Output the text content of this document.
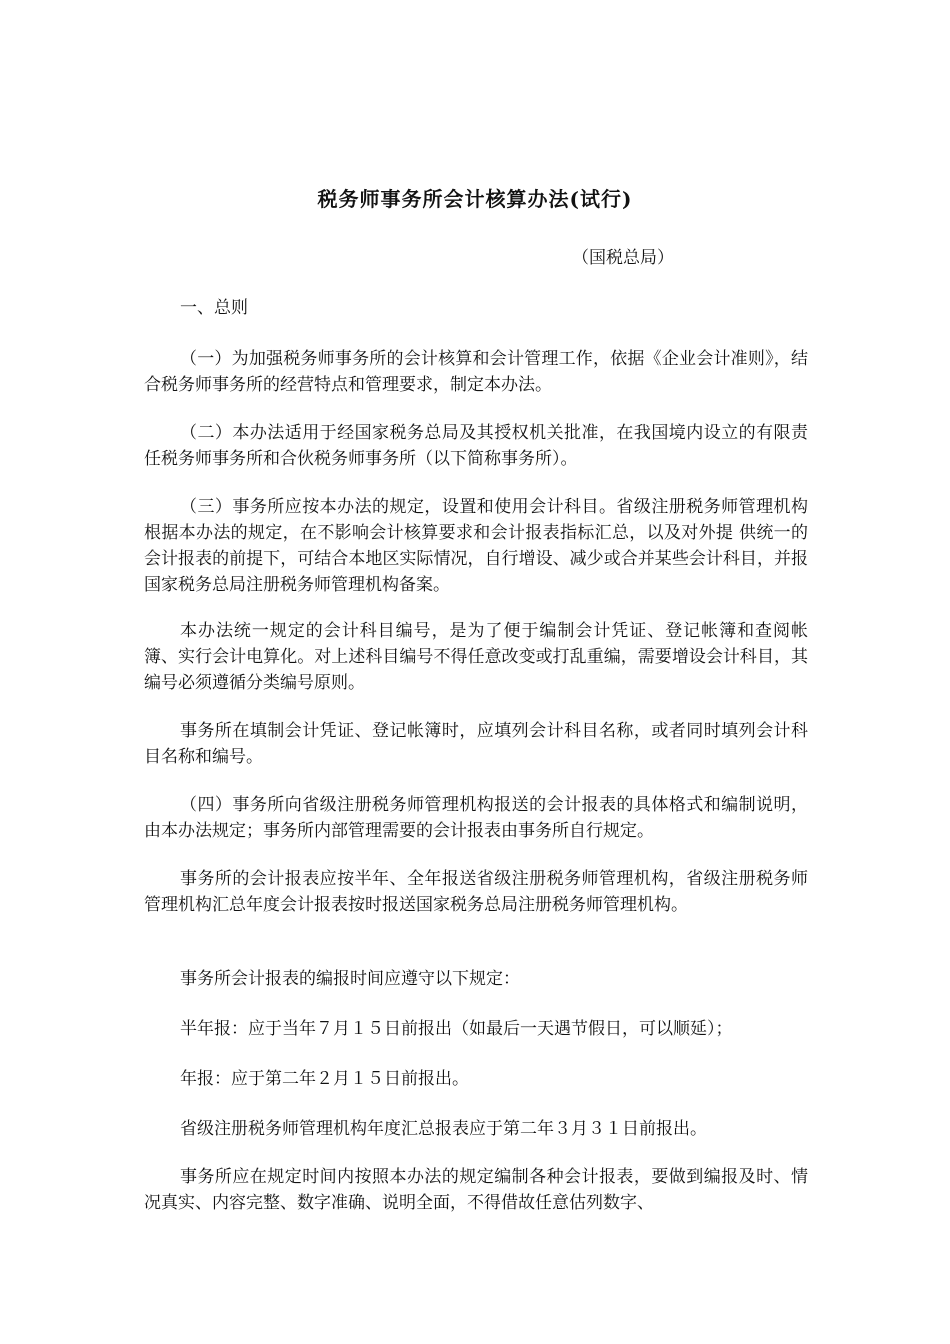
税务师事务所会计核算办法(试行)

（国税总局）

一、总则

（一）为加强税务师事务所的会计核算和会计管理工作，依据《企业会计准则》，结合税务师事务所的经营特点和管理要求，制定本办法。

（二）本办法适用于经国家税务总局及其授权机关批准，在我国境内设立的有限责任税务师事务所和合伙税务师事务所（以下简称事务所）。

（三）事务所应按本办法的规定，设置和使用会计科目。省级注册税务师管理机构根据本办法的规定，在不影响会计核算要求和会计报表指标汇总，以及对外提 供统一的会计报表的前提下，可结合本地区实际情况，自行增设、减少或合并某些会计科目，并报国家税务总局注册税务师管理机构备案。

本办法统一规定的会计科目编号，是为了便于编制会计凭证、登记帐簿和查阅帐簿、实行会计电算化。对上述科目编号不得任意改变或打乱重编，需要增设会计科目，其编号必须遵循分类编号原则。

事务所在填制会计凭证、登记帐簿时，应填列会计科目名称，或者同时填列会计科目名称和编号。

（四）事务所向省级注册税务师管理机构报送的会计报表的具体格式和编制说明，由本办法规定；事务所内部管理需要的会计报表由事务所自行规定。

事务所的会计报表应按半年、全年报送省级注册税务师管理机构，省级注册税务师管理机构汇总年度会计报表按时报送国家税务总局注册税务师管理机构。

事务所会计报表的编报时间应遵守以下规定：

半年报：应于当年７月１５日前报出（如最后一天遇节假日，可以顺延）；

年报：应于第二年２月１５日前报出。

省级注册税务师管理机构年度汇总报表应于第二年３月３１日前报出。

事务所应在规定时间内按照本办法的规定编制各种会计报表，要做到编报及时、情况真实、内容完整、数字准确、说明全面，不得借故任意估列数字、
